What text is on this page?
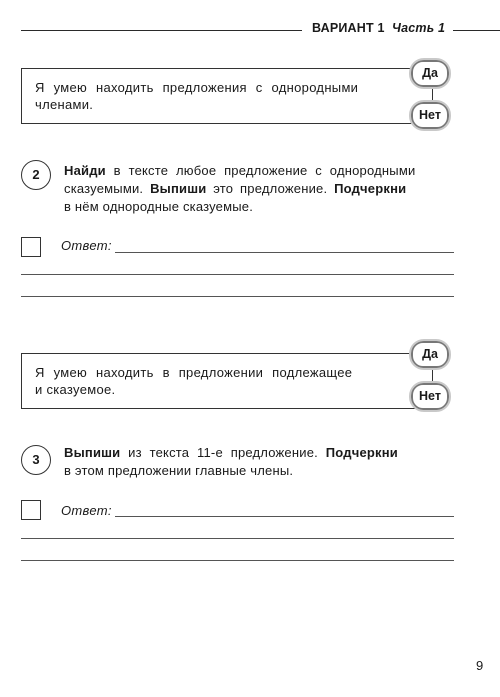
ВАРИАНТ 1 Часть 1
Я умею находить предложения с однородными
членами.
Да
Нет
2	Найди в тексте любое предложение с однородными
сказуемыми. Выпиши это предложение. Подчеркни
в нём однородные сказуемые.
Ответ:
Я умею находить в предложении подлежащее
и сказуемое.
Да
Нет
3	Выпиши из текста 11-е предложение. Подчеркни
в этом предложении главные члены.
Ответ:
9
